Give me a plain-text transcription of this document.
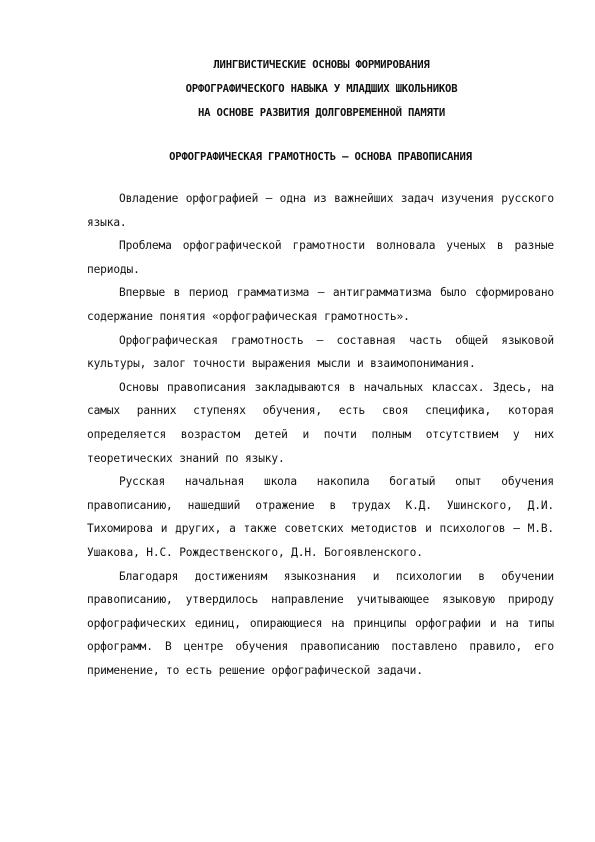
ЛИНГВИСТИЧЕСКИЕ ОСНОВЫ ФОРМИРОВАНИЯ
ОРФОГРАФИЧЕСКОГО НАВЫКА У МЛАДШИХ ШКОЛЬНИКОВ
НА ОСНОВЕ РАЗВИТИЯ ДОЛГОВРЕМЕННОЙ ПАМЯТИ
ОРФОГРАФИЧЕСКАЯ ГРАМОТНОСТЬ – ОСНОВА ПРАВОПИСАНИЯ

Овладение орфографией – одна из важнейших задач изучения русского языка.

Проблема орфографической грамотности волновала ученых в разные периоды.

Впервые в период грамматизма – антиграмматизма было сформировано содержание понятия «орфографическая грамотность».

Орфографическая грамотность – составная часть общей языковой культуры, залог точности выражения мысли и взаимопонимания.

Основы правописания закладываются в начальных классах. Здесь, на самых ранних ступенях обучения, есть своя специфика, которая определяется возрастом детей и почти полным отсутствием у них теоретических знаний по языку.

Русская начальная школа накопила богатый опыт обучения правописанию, нашедший отражение в трудах К.Д. Ушинского, Д.И. Тихомирова и других, а также советских методистов и психологов – М.В. Ушакова, Н.С. Рождественского, Д.Н. Богоявленского.

Благодаря достижениям языкознания и психологии в обучении правописанию, утвердилось направление учитывающее языковую природу орфографических единиц, опирающиеся на принципы орфографии и на типы орфограмм. В центре обучения правописанию поставлено правило, его применение, то есть решение орфографической задачи.
